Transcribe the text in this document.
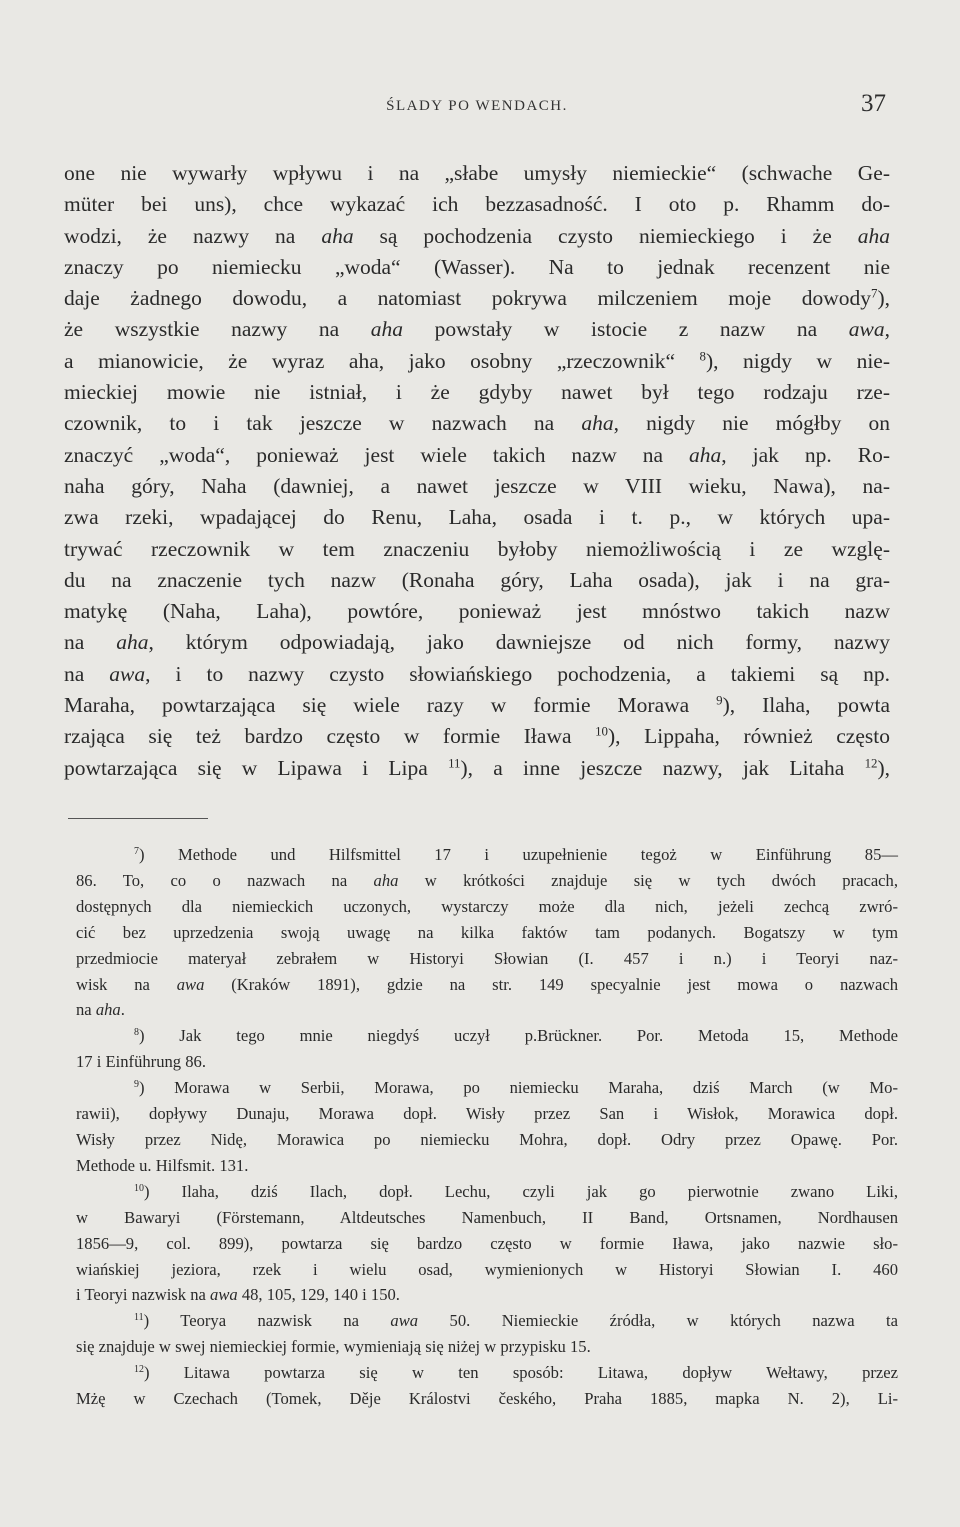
ŚLADY PO WENDACH.	37
one nie wywarły wpływu i na „słabe umysły niemieckie“ (schwache Ge-
müter bei uns), chce wykazać ich bezzasadność. I oto p. Rhamm do-
wodzi, że nazwy na aha są pochodzenia czysto niemieckiego i że aha
znaczy po niemiecku „woda“ (Wasser). Na to jednak recenzent nie
daje żadnego dowodu, a natomiast pokrywa milczeniem moje dowody$^7$),
że wszystkie nazwy na aha powstały w istocie z nazw na awa,
a mianowicie, że wyraz aha, jako osobny „rzeczownik“ $^8$), nigdy w nie-
mieckiej mowie nie istniał, i że gdyby nawet był tego rodzaju rze-
czownik, to i tak jeszcze w nazwach na aha, nigdy nie mógłby on
znaczyć „woda“, ponieważ jest wiele takich nazw na aha, jak np. Ro-
naha góry, Naha (dawniej, a nawet jeszcze w VIII wieku, Nawa), na-
zwa rzeki, wpadającej do Renu, Laha, osada i t. p., w których upa-
trywać rzeczownik w tem znaczeniu byłoby niemożliwością i ze wzglę-
du na znaczenie tych nazw (Ronaha góry, Laha osada), jak i na gra-
matykę (Naha, Laha), powtóre, ponieważ jest mnóstwo takich nazw
na aha, którym odpowiadają, jako dawniejsze od nich formy, nazwy
na awa, i to nazwy czysto słowiańskiego pochodzenia, a takiemi są np.
Maraha, powtarzająca się wiele razy w formie Morawa $^9$), Ilaha, powta
rzająca się też bardzo często w formie Iława $^{10}$), Lippaha, również często
powtarzająca się w Lipawa i Lipa $^{11}$), a inne jeszcze nazwy, jak Litaha $^{12}$),
$^7$) Methode und Hilfsmittel 17 i uzupełnienie tegoż w Einführung 85—
86. To, co o nazwach na aha w krótkości znajduje się w tych dwóch pracach,
dostępnych dla niemieckich uczonych, wystarczy może dla nich, jeżeli zechcą zwró-
cić bez uprzedzenia swoją uwagę na kilka faktów tam podanych. Bogatszy w tym
przedmiocie materyał zebrałem w Historyi Słowian (I. 457 i n.) i Teoryi naz-
wisk na awa (Kraków 1891), gdzie na str. 149 specyalnie jest mowa o nazwach
na aha.
$^8$) Jak tego mnie niegdyś uczył p.Brückner. Por. Metoda 15, Methode
17 i Einführung 86.
$^9$) Morawa w Serbii, Morawa, po niemiecku Maraha, dziś March (w Mo-
rawii), dopływy Dunaju, Morawa dopł. Wisły przez San i Wisłok, Morawica dopł.
Wisły przez Nidę, Morawica po niemiecku Mohra, dopł. Odry przez Opawę. Por.
Methode u. Hilfsmit. 131.
$^{10}$) Ilaha, dziś Ilach, dopł. Lechu, czyli jak go pierwotnie zwano Liki,
w Bawaryi (Förstemann, Altdeutsches Namenbuch, II Band, Ortsnamen, Nordhausen
1856—9, col. 899), powtarza się bardzo często w formie Iława, jako nazwie sło-
wiańskiej jeziora, rzek i wielu osad, wymienionych w Historyi Słowian I. 460
i Teoryi nazwisk na awa 48, 105, 129, 140 i 150.
$^{11}$) Teorya nazwisk na awa 50. Niemieckie źródła, w których nazwa ta
się znajduje w swej niemieckiej formie, wymieniają się niżej w przypisku 15.
$^{12}$) Litawa powtarza się w ten sposób: Litawa, dopływ Wełtawy, przez
Mżę w Czechach (Tomek, Děje Králostvi českého, Praha 1885, mapka N. 2), Li-
